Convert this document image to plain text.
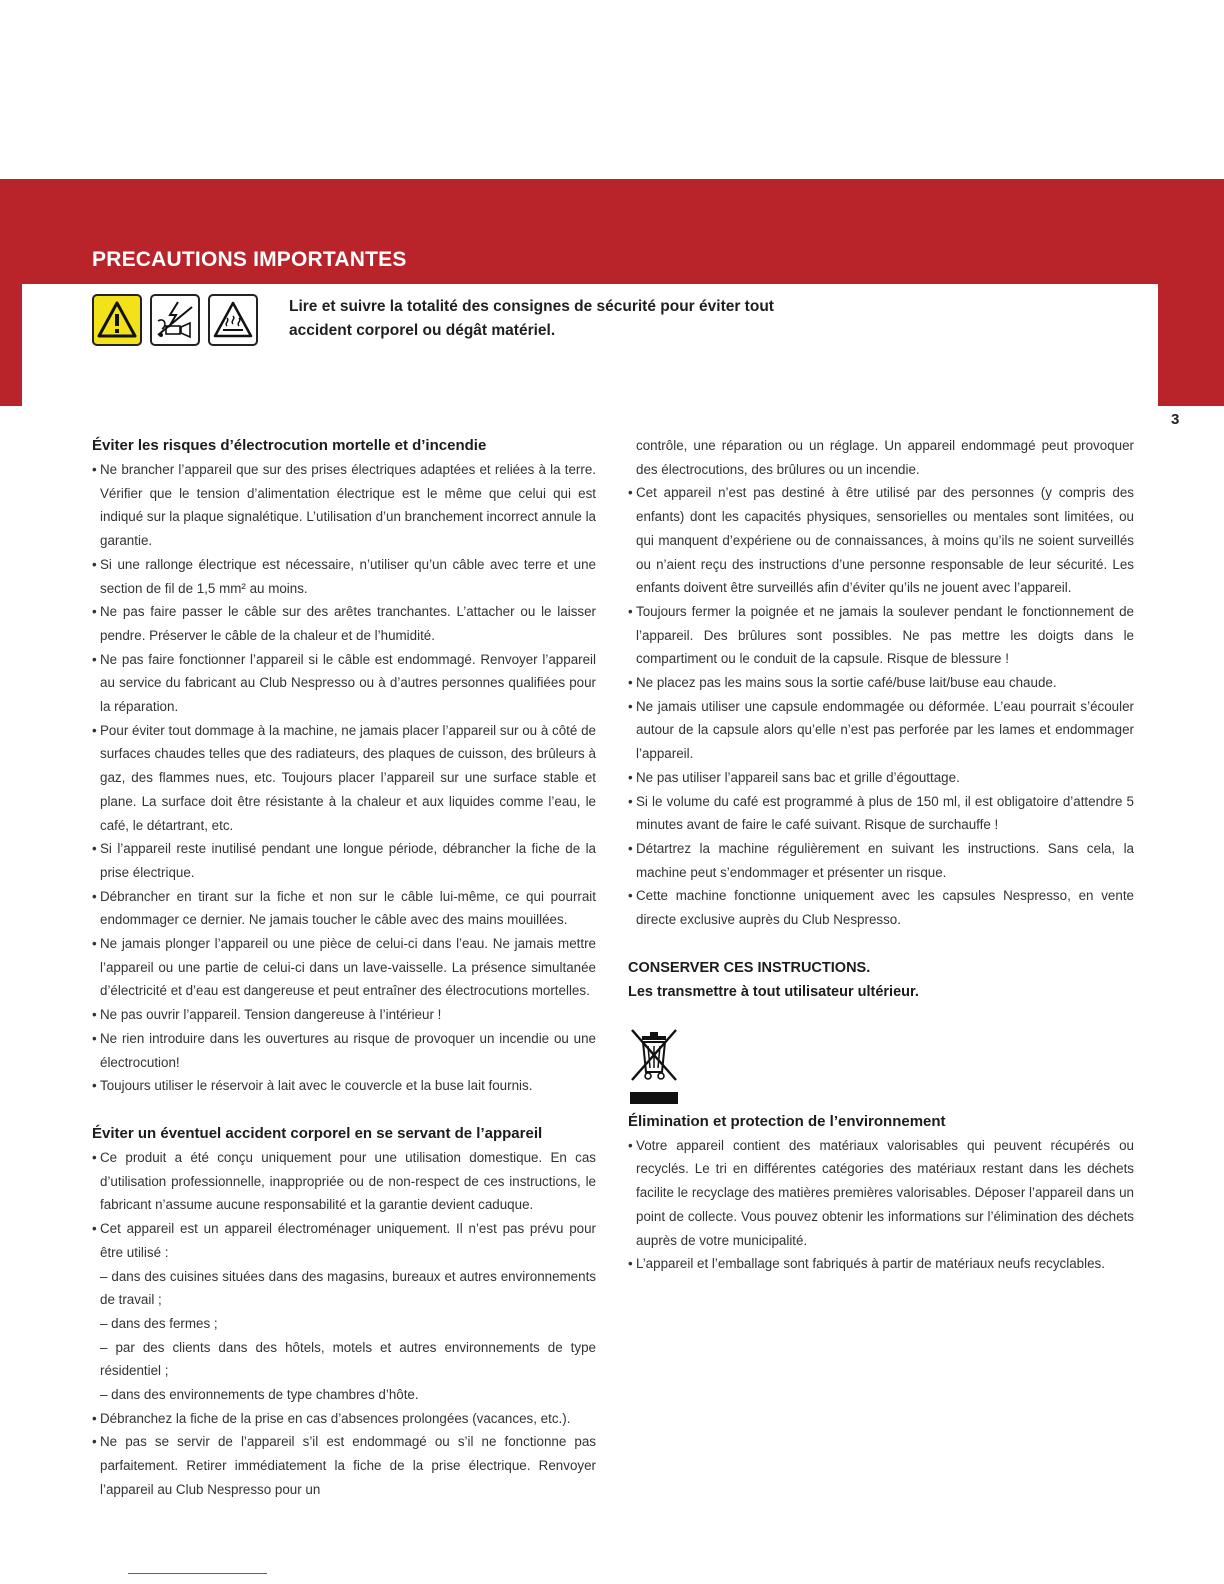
PRECAUTIONS IMPORTANTES
Lire et suivre la totalité des consignes de sécurité pour éviter tout accident corporel ou dégât matériel.
3
Éviter les risques d’électrocution mortelle et d’incendie
• Ne brancher l’appareil que sur des prises électriques adaptées et reliées à la terre. Vérifier que le tension d’alimentation électrique est le même que celui qui est indiqué sur la plaque signalétique. L’utilisation d’un branchement incorrect annule la garantie.
• Si une rallonge électrique est nécessaire, n’utiliser qu’un câble avec terre et une section de fil de 1,5 mm² au moins.
• Ne pas faire passer le câble sur des arêtes tranchantes. L’attacher ou le laisser pendre. Préserver le câble de la chaleur et de l’humidité.
• Ne pas faire fonctionner l’appareil si le câble est endommagé. Renvoyer l’appareil au service du fabricant au Club Nespresso ou à d’autres personnes qualifiées pour la réparation.
• Pour éviter tout dommage à la machine, ne jamais placer l’appareil sur ou à côté de surfaces chaudes telles que des radiateurs, des plaques de cuisson, des brûleurs à gaz, des flammes nues, etc. Toujours placer l’appareil sur une surface stable et plane. La surface doit être résistante à la chaleur et aux liquides comme l’eau, le café, le détartrant, etc.
• Si l’appareil reste inutilisé pendant une longue période, débrancher la fiche de la prise électrique.
• Débrancher en tirant sur la fiche et non sur le câble lui-même, ce qui pourrait endommager ce dernier. Ne jamais toucher le câble avec des mains mouillées.
• Ne jamais plonger l’appareil ou une pièce de celui-ci dans l’eau. Ne jamais mettre l’appareil ou une partie de celui-ci dans un lave-vaisselle. La présence simultanée d’électricité et d’eau est dangereuse et peut entraîner des électrocutions mortelles.
• Ne pas ouvrir l’appareil. Tension dangereuse à l’intérieur !
• Ne rien introduire dans les ouvertures au risque de provoquer un incendie ou une électrocution!
• Toujours utiliser le réservoir à lait avec le couvercle et la buse lait fournis.
Éviter un éventuel accident corporel en se servant de l’appareil
• Ce produit a été conçu uniquement pour une utilisation domestique. En cas d’utilisation professionnelle, inappropriée ou de non-respect de ces instructions, le fabricant n’assume aucune responsabilité et la garantie devient caduque.
• Cet appareil est un appareil électroménager uniquement. Il n’est pas prévu pour être utilisé :
– dans des cuisines situées dans des magasins, bureaux et autres environnements de travail ;
– dans des fermes ;
– par des clients dans des hôtels, motels et autres environnements de type résidentiel ;
– dans des environnements de type chambres d’hôte.
• Débranchez la fiche de la prise en cas d’absences prolongées (vacances, etc.).
• Ne pas se servir de l’appareil s’il est endommagé ou s’il ne fonctionne pas parfaitement. Retirer immédiatement la fiche de la prise électrique. Renvoyer l’appareil au Club Nespresso pour un
contrôle, une réparation ou un réglage. Un appareil endommagé peut provoquer des électrocutions, des brûlures ou un incendie.
• Cet appareil n’est pas destiné à être utilisé par des personnes (y compris des enfants) dont les capacités physiques, sensorielles ou mentales sont limitées, ou qui manquent d’expériene ou de connaissances, à moins qu’ils ne soient surveillés ou n’aient reçu des instructions d’une personne responsable de leur sécurité. Les enfants doivent être surveillés afin d’éviter qu’ils ne jouent avec l’appareil.
• Toujours fermer la poignée et ne jamais la soulever pendant le fonctionnement de l’appareil. Des brûlures sont possibles. Ne pas mettre les doigts dans le compartiment ou le conduit de la capsule. Risque de blessure !
• Ne placez pas les mains sous la sortie café/buse lait/buse eau chaude.
• Ne jamais utiliser une capsule endommagée ou déformée. L’eau pourrait s’écouler autour de la capsule alors qu’elle n’est pas perforée par les lames et endommager l’appareil.
• Ne pas utiliser l’appareil sans bac et grille d’égouttage.
• Si le volume du café est programmé à plus de 150 ml, il est obligatoire d’attendre 5 minutes avant de faire le café suivant. Risque de surchauffe !
• Détartrez la machine régulièrement en suivant les instructions. Sans cela, la machine peut s’endommager et présenter un risque.
• Cette machine fonctionne uniquement avec les capsules Nespresso, en vente directe exclusive auprès du Club Nespresso.

CONSERVER CES INSTRUCTIONS.

Les transmettre à tout utilisateur ultérieur.

Élimination et protection de l’environnement
• Votre appareil contient des matériaux valorisables qui peuvent récupérés ou recyclés. Le tri en différentes catégories des matériaux restant dans les déchets facilite le recyclage des matières premières valorisables. Déposer l’appareil dans un point de collecte. Vous pouvez obtenir les informations sur l’élimination des déchets auprès de votre municipalité.
• L’appareil et l’emballage sont fabriqués à partir de matériaux neufs recyclables.
